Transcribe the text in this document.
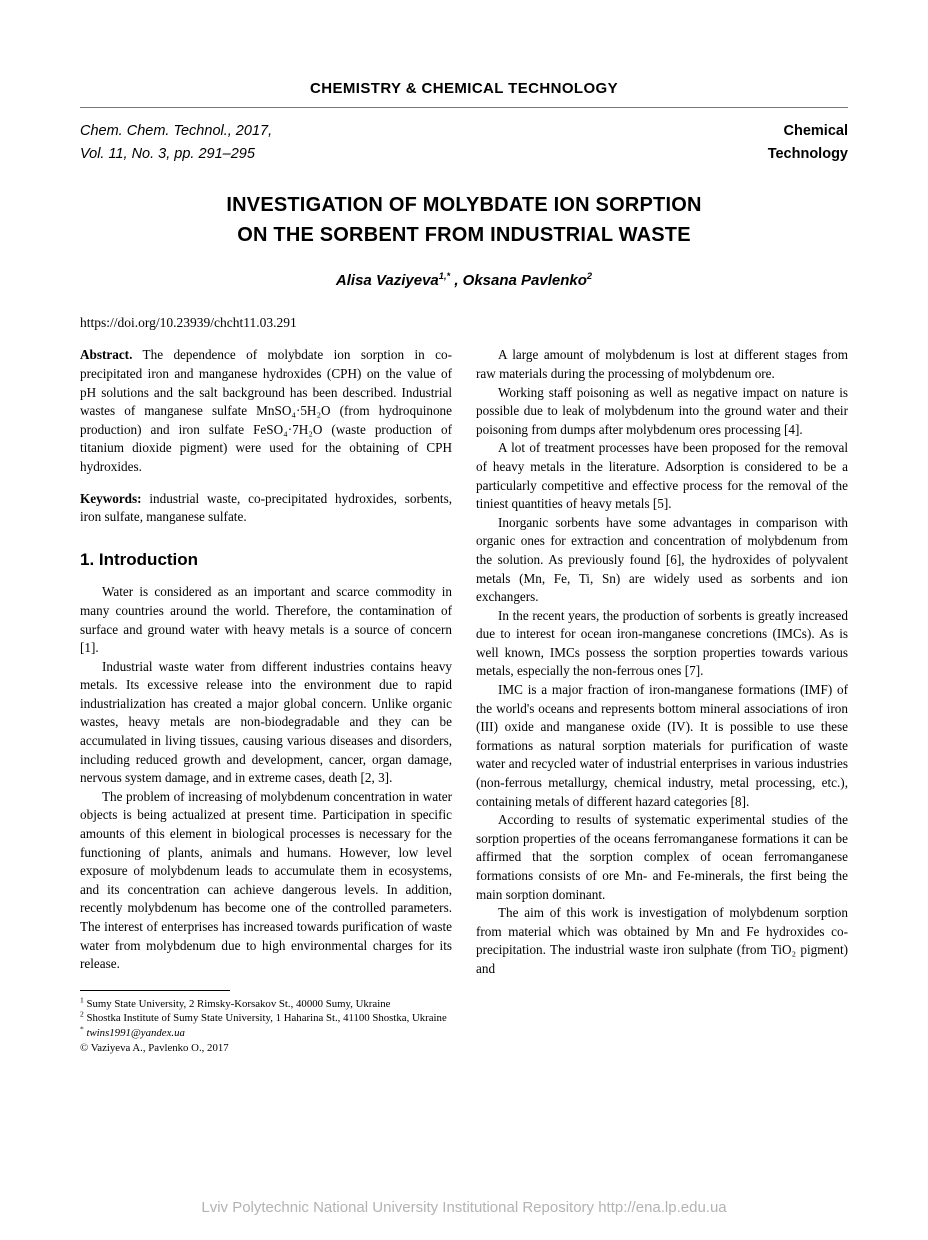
CHEMISTRY & CHEMICAL TECHNOLOGY
Chem. Chem. Technol., 2017,
Vol. 11, No. 3, pp. 291–295
Chemical
Technology
INVESTIGATION OF MOLYBDATE ION SORPTION
ON THE SORBENT FROM INDUSTRIAL WASTE
Alisa Vaziyeva$^{1,*}$ , Oksana Pavlenko$^2$
https://doi.org/10.23939/chcht11.03.291

Abstract. The dependence of molybdate ion sorption in co-precipitated iron and manganese hydroxides (CPH) on the value of pH solutions and the salt background has been described. Industrial wastes of manganese sulfate MnSO₄·5H₂O (from hydroquinone production) and iron sulfate FeSO₄·7H₂O (waste production of titanium dioxide pigment) were used for the obtaining of CPH hydroxides.

Keywords: industrial waste, co-precipitated hydroxides, sorbents, iron sulfate, manganese sulfate.

1. Introduction

Water is considered as an important and scarce commodity in many countries around the world. Therefore, the contamination of surface and ground water with heavy metals is a source of concern [1].

Industrial waste water from different industries contains heavy metals. Its excessive release into the environment due to rapid industrialization has created a major global concern. Unlike organic wastes, heavy metals are non-biodegradable and they can be accumulated in living tissues, causing various diseases and disorders, including reduced growth and development, cancer, organ damage, nervous system damage, and in extreme cases, death [2, 3].

The problem of increasing of molybdenum concentration in water objects is being actualized at present time. Participation in specific amounts of this element in biological processes is necessary for the functioning of plants, animals and humans. However, low level exposure of molybdenum leads to accumulate them in ecosystems, and its concentration can achieve dangerous levels. In addition, recently molybdenum has become one of the controlled parameters. The interest of enterprises has increased towards purification of waste water from molybdenum due to high environmental charges for its release.

$^1$ Sumy State University, 2 Rimsky-Korsakov St., 40000 Sumy, Ukraine
$^2$ Shostka Institute of Sumy State University, 1 Haharina St., 41100 Shostka, Ukraine
* twins1991@yandex.ua
© Vaziyeva A., Pavlenko O., 2017

A large amount of molybdenum is lost at different stages from raw materials during the processing of molybdenum ore.

Working staff poisoning as well as negative impact on nature is possible due to leak of molybdenum into the ground water and their poisoning from dumps after molybdenum ores processing [4].

A lot of treatment processes have been proposed for the removal of heavy metals in the literature. Adsorption is considered to be a particularly competitive and effective process for the removal of the tiniest quantities of heavy metals [5].

Inorganic sorbents have some advantages in comparison with organic ones for extraction and concentration of molybdenum from the solution. As previously found [6], the hydroxides of polyvalent metals (Mn, Fe, Ti, Sn) are widely used as sorbents and ion exchangers.

In the recent years, the production of sorbents is greatly increased due to interest for ocean iron-manganese concretions (IMCs). As is well known, IMCs possess the sorption properties towards various metals, especially the non-ferrous ones [7].

IMC is a major fraction of iron-manganese formations (IMF) of the world's oceans and represents bottom mineral associations of iron (III) oxide and manganese oxide (IV). It is possible to use these formations as natural sorption materials for purification of waste water and recycled water of industrial enterprises in various industries (non-ferrous metallurgy, chemical industry, metal processing, etc.), containing metals of different hazard categories [8].

According to results of systematic experimental studies of the sorption properties of the oceans ferromanganese formations it can be affirmed that the sorption complex of ocean ferromanganese formations consists of ore Mn- and Fe-minerals, the first being the main sorption dominant.

The aim of this work is investigation of molybdenum sorption from material which was obtained by Mn and Fe hydroxides co-precipitation. The industrial waste iron sulphate (from TiO₂ pigment) and

Lviv Polytechnic National University Institutional Repository http://ena.lp.edu.ua
